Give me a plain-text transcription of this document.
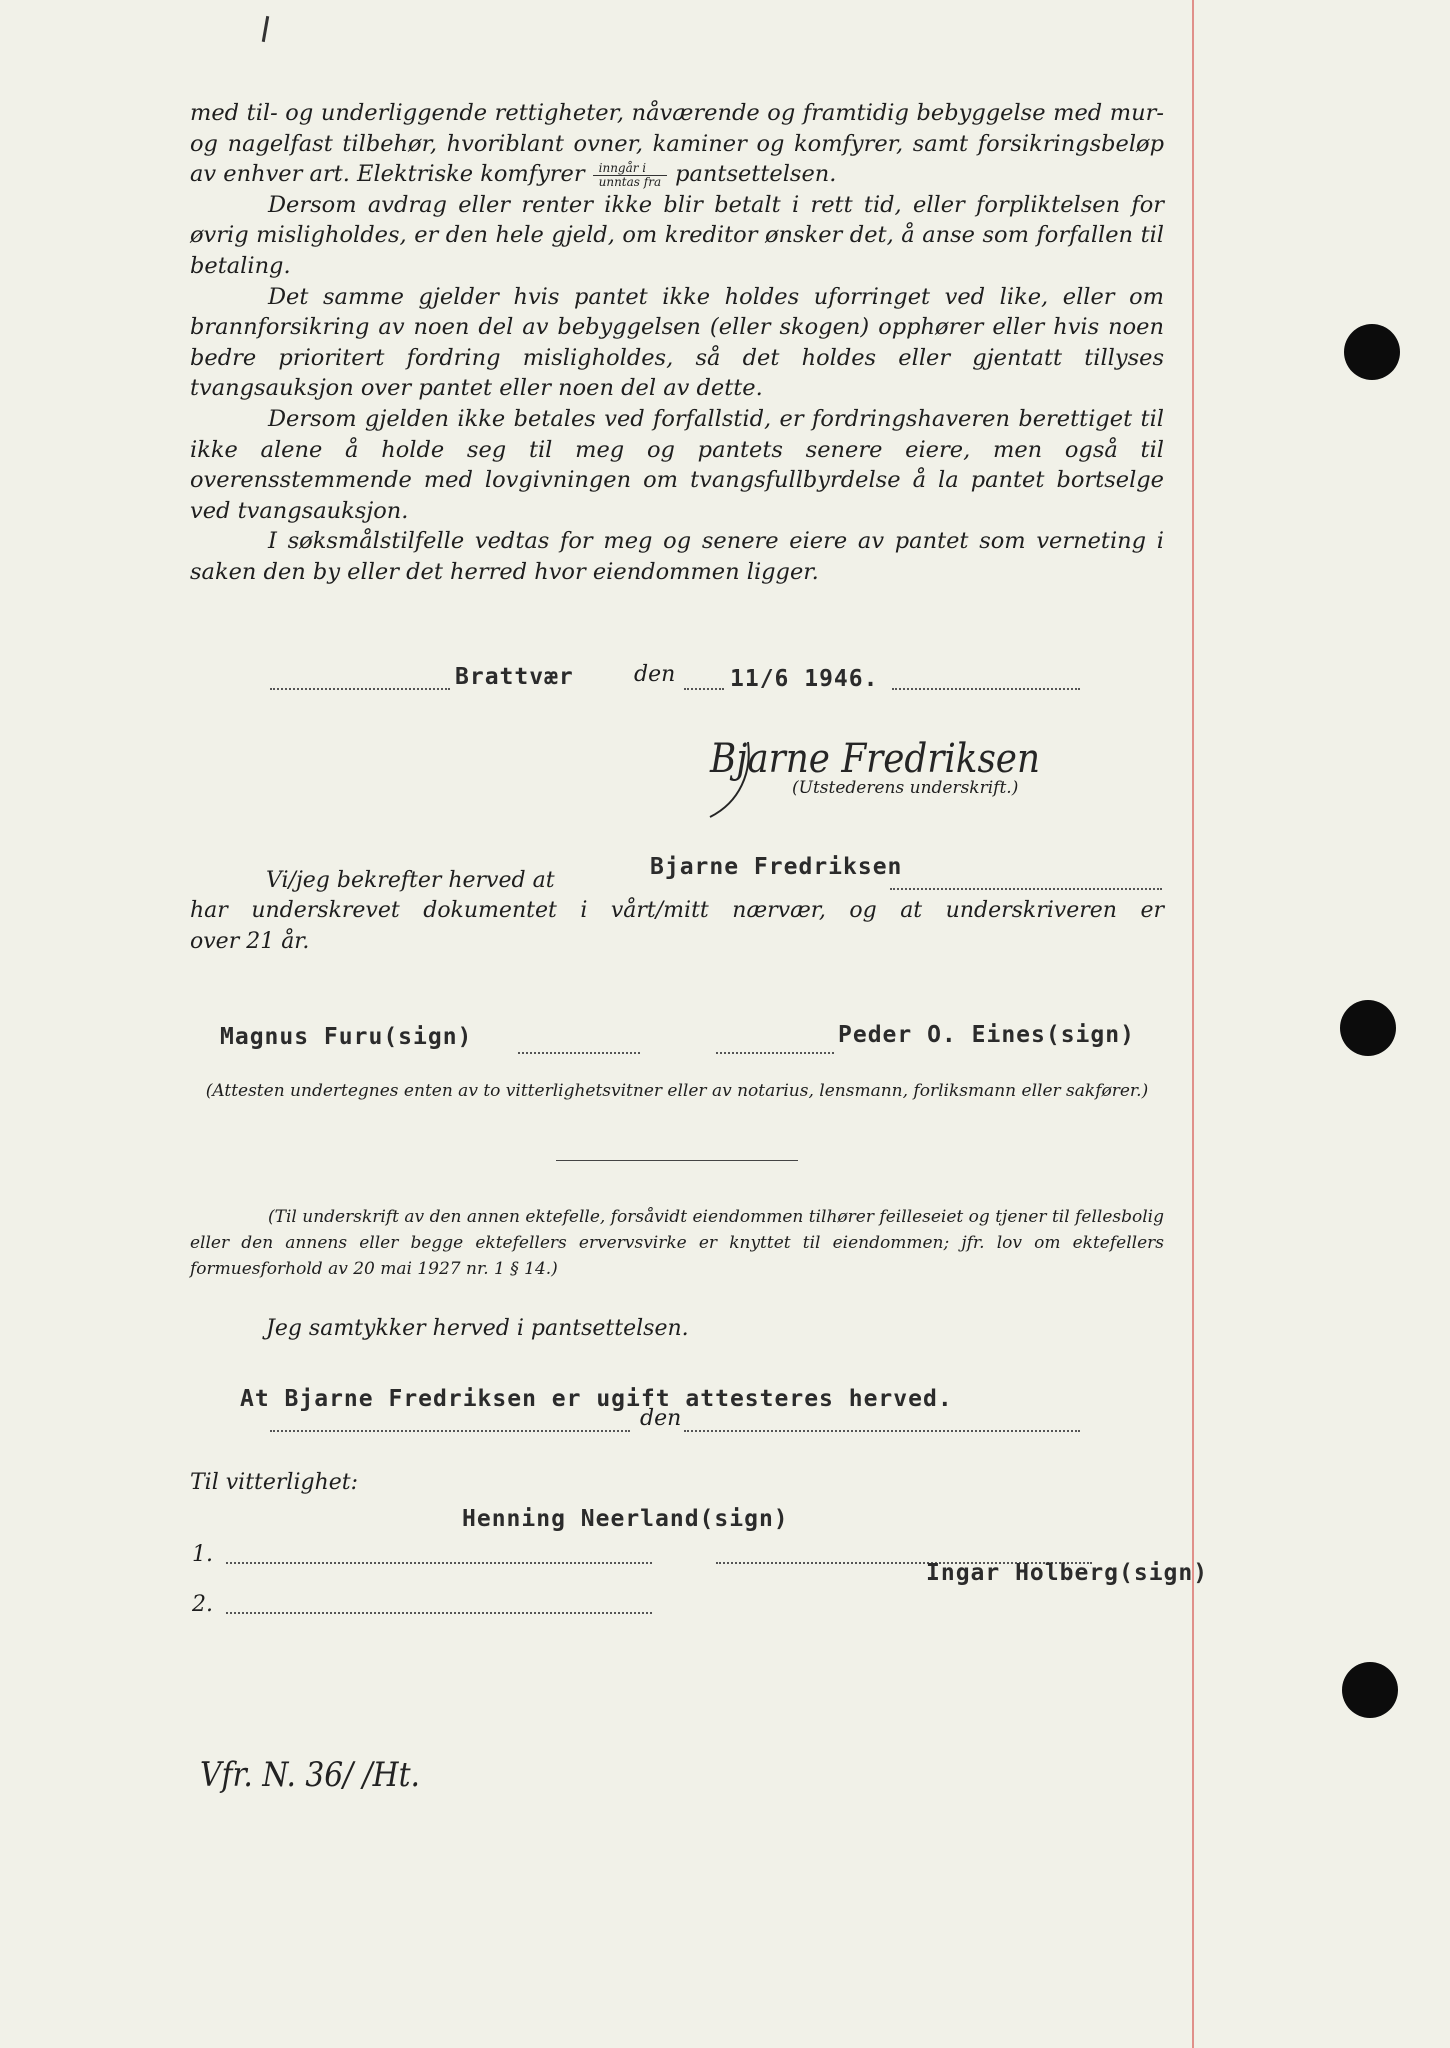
med til- og underliggende rettigheter, nåværende og framtidig bebyggelse med mur- og nagelfast tilbehør, hvoriblant ovner, kaminer og komfyrer, samt forsikringsbeløp av enhver art. Elektriske komfyrer $\frac{\text{inngår i}}{\text{unntas fra}}$ pantsettelsen.

Dersom avdrag eller renter ikke blir betalt i rett tid, eller forpliktelsen for øvrig misligholdes, er den hele gjeld, om kreditor ønsker det, å anse som forfallen til betaling.

Det samme gjelder hvis pantet ikke holdes uforringet ved like, eller om brannforsikring av noen del av bebyggelsen (eller skogen) opphører eller hvis noen bedre prioritert fordring misligholdes, så det holdes eller gjentatt tillyses tvangsauksjon over pantet eller noen del av dette.

Dersom gjelden ikke betales ved forfallstid, er fordringshaveren berettiget til ikke alene å holde seg til meg og pantets senere eiere, men også til overensstemmende med lovgivningen om tvangsfullbyrdelse å la pantet bortselge ved tvangsauksjon.

I søksmålstilfelle vedtas for meg og senere eiere av pantet som verneting i saken den by eller det herred hvor eiendommen ligger.

Brattvær	den 11/6 1946.
Bjarne Fredriksen
(Utstederens underskrift.)
Vi/jeg bekrefter herved at
Bjarne Fredriksen
har underskrevet dokumentet i vårt/mitt nærvær, og at underskriveren er
over 21 år.
Magnus Furu(sign)	Peder O. Eines(sign)
(Attesten undertegnes enten av to vitterlighetsvitner eller av notarius, lensmann, forliksmann eller sakfører.)
(Til underskrift av den annen ektefelle, forsåvidt eiendommen tilhører feilleseiet og tjener til fellesbolig eller den annens eller begge ektefellers ervervsvirke er knyttet til eiendommen; jfr. lov om ektefellers formuesforhold av 20 mai 1927 nr. 1 § 14.)
Jeg samtykker herved i pantsettelsen.
At Bjarne Fredriksen er ugift attesteres herved.
den
Til vitterlighet:
Henning Neerland(sign)
1.
Ingar Holberg(sign)
2.
Vfr. N. 36/ /Ht.
